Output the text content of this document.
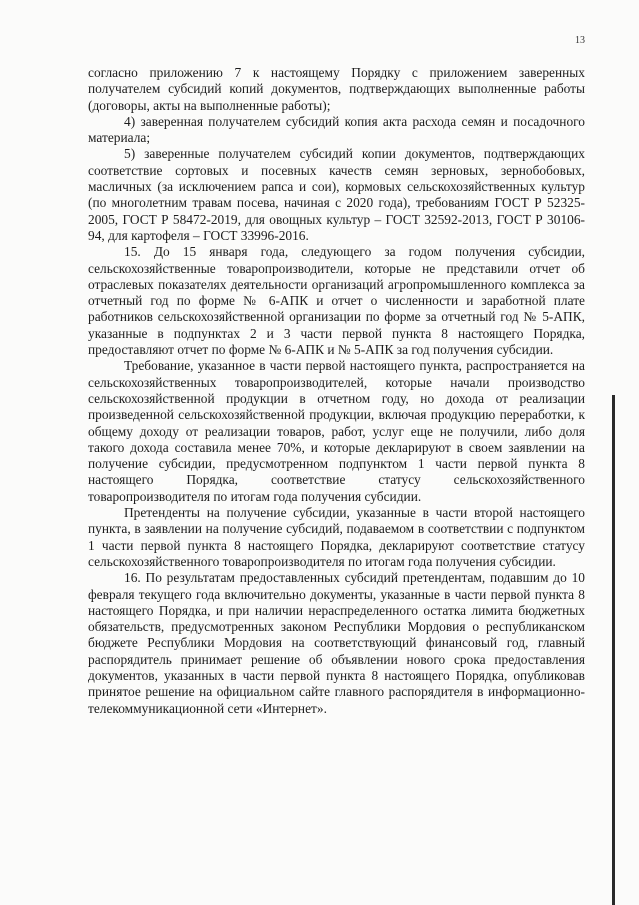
13

согласно приложению 7 к настоящему Порядку с приложением заверенных получателем субсидий копий документов, подтверждающих выполненные работы (договоры, акты на выполненные работы);

4) заверенная получателем субсидий копия акта расхода семян и посадочного материала;

5) заверенные получателем субсидий копии документов, подтверждающих соответствие сортовых и посевных качеств семян зерновых, зернобобовых, масличных (за исключением рапса и сои), кормовых сельскохозяйственных культур (по многолетним травам посева, начиная с 2020 года), требованиям ГОСТ Р 52325-2005, ГОСТ Р 58472-2019, для овощных культур – ГОСТ 32592-2013, ГОСТ Р 30106-94, для картофеля – ГОСТ 33996-2016.

15. До 15 января года, следующего за годом получения субсидии, сельскохозяйственные товаропроизводители, которые не представили отчет об отраслевых показателях деятельности организаций агропромышленного комплекса за отчетный год по форме № 6-АПК и отчет о численности и заработной плате работников сельскохозяйственной организации по форме за отчетный год № 5-АПК, указанные в подпунктах 2 и 3 части первой пункта 8 настоящего Порядка, предоставляют отчет по форме № 6-АПК и № 5-АПК за год получения субсидии.

Требование, указанное в части первой настоящего пункта, распространяется на сельскохозяйственных товаропроизводителей, которые начали производство сельскохозяйственной продукции в отчетном году, но дохода от реализации произведенной сельскохозяйственной продукции, включая продукцию переработки, к общему доходу от реализации товаров, работ, услуг еще не получили, либо доля такого дохода составила менее 70%, и которые декларируют в своем заявлении на получение субсидии, предусмотренном подпунктом 1 части первой пункта 8 настоящего Порядка, соответствие статусу сельскохозяйственного товаропроизводителя по итогам года получения субсидии.

Претенденты на получение субсидии, указанные в части второй настоящего пункта, в заявлении на получение субсидий, подаваемом в соответствии с подпунктом 1 части первой пункта 8 настоящего Порядка, декларируют соответствие статусу сельскохозяйственного товаропроизводителя по итогам года получения субсидии.

16. По результатам предоставленных субсидий претендентам, подавшим до 10 февраля текущего года включительно документы, указанные в части первой пункта 8 настоящего Порядка, и при наличии нераспределенного остатка лимита бюджетных обязательств, предусмотренных законом Республики Мордовия о республиканском бюджете Республики Мордовия на соответствующий финансовый год, главный распорядитель принимает решение об объявлении нового срока предоставления документов, указанных в части первой пункта 8 настоящего Порядка, опубликовав принятое решение на официальном сайте главного распорядителя в информационно-телекоммуникационной сети «Интернет».
